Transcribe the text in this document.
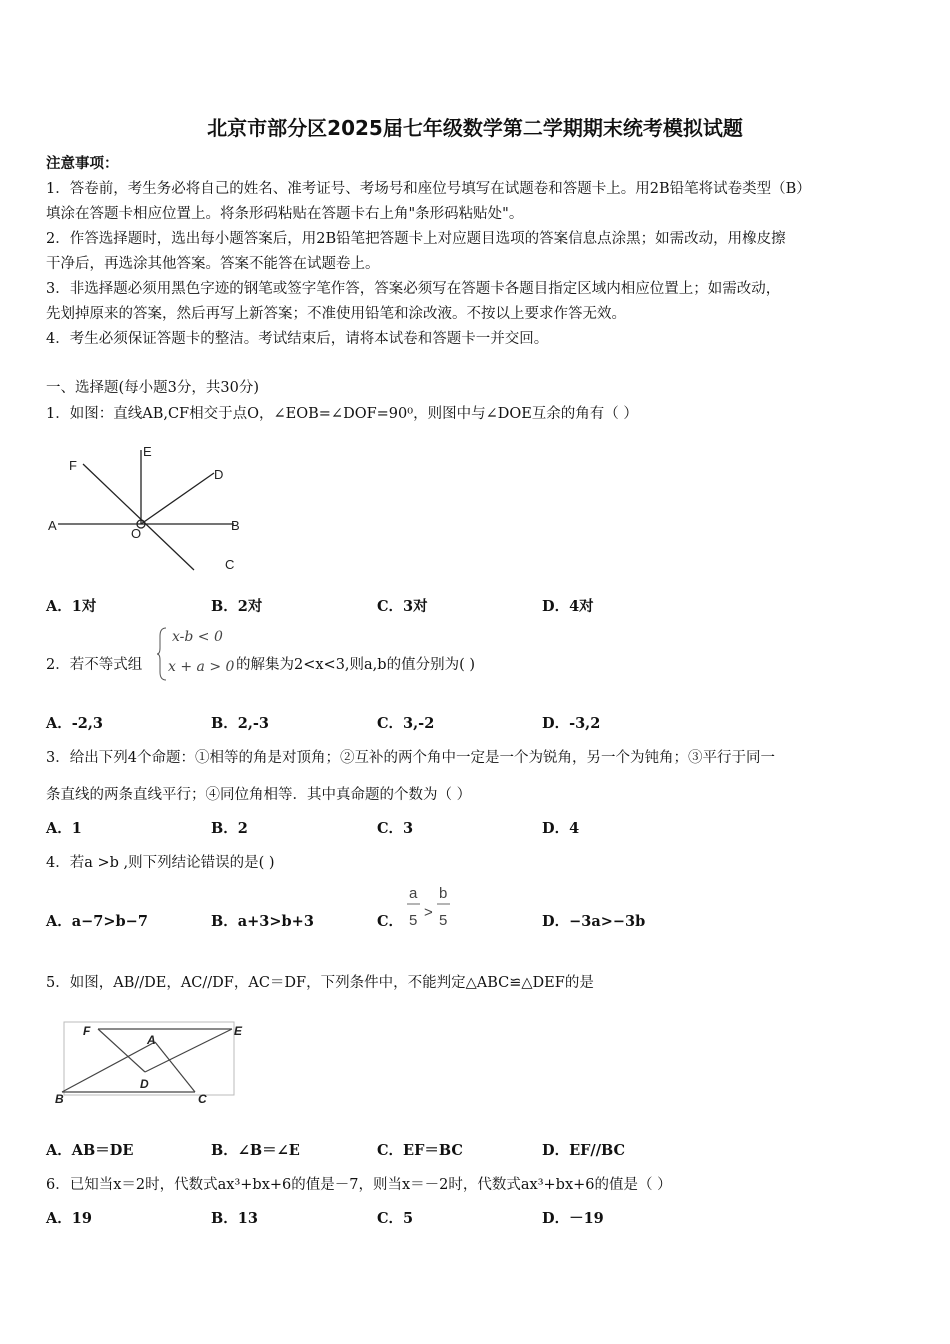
北京市部分区2025届七年级数学第二学期期末统考模拟试题
注意事项：
1．答卷前，考生务必将自己的姓名、准考证号、考场号和座位号填写在试题卷和答题卡上。用2B铅笔将试卷类型（B）
填涂在答题卡相应位置上。将条形码粘贴在答题卡右上角"条形码粘贴处"。
2．作答选择题时，选出每小题答案后，用2B铅笔把答题卡上对应题目选项的答案信息点涂黑；如需改动，用橡皮擦
干净后，再选涂其他答案。答案不能答在试题卷上。
3．非选择题必须用黑色字迹的钢笔或签字笔作答，答案必须写在答题卡各题目指定区域内相应位置上；如需改动，
先划掉原来的答案，然后再写上新答案；不准使用铅笔和涂改液。不按以上要求作答无效。
4．考生必须保证答题卡的整洁。考试结束后，请将本试卷和答题卡一并交回。
一、选择题(每小题3分，共30分)
1．如图：直线AB,CF相交于点O，∠EOB=∠DOF=90⁰，则图中与∠DOE互余的角有（ ）
F
E
D
A
O
B
C
A．1对	B．2对	C．3对	D．4对
2．若不等式组
x-b < 0
x + a > 0 的解集为2<x<3,则a,b的值分别为( )
A．-2,3	B．2,-3	C．3,-2	D．-3,2
3．给出下列4个命题：①相等的角是对顶角；②互补的两个角中一定是一个为锐角，另一个为钝角；③平行于同一
条直线的两条直线平行；④同位角相等．其中真命题的个数为（ ）
A．1	B．2	C．3	D．4
4．若a >b ,则下列结论错误的是( )
A．a−7>b−7	B．a+3>b+3	C．
a
5 >
b
5	D．−3a>−3b
5．如图，AB//DE，AC//DF，AC＝DF，下列条件中，不能判定△ABC≌△DEF的是
F
A
E
D
B	C
A．AB＝DE	B．∠B＝∠E	C．EF＝BC	D．EF//BC
6．已知当x＝2时，代数式ax³+bx+6的值是－7，则当x＝－2时，代数式ax³+bx+6的值是（ ）
A．19	B．13	C．5	D．－19
